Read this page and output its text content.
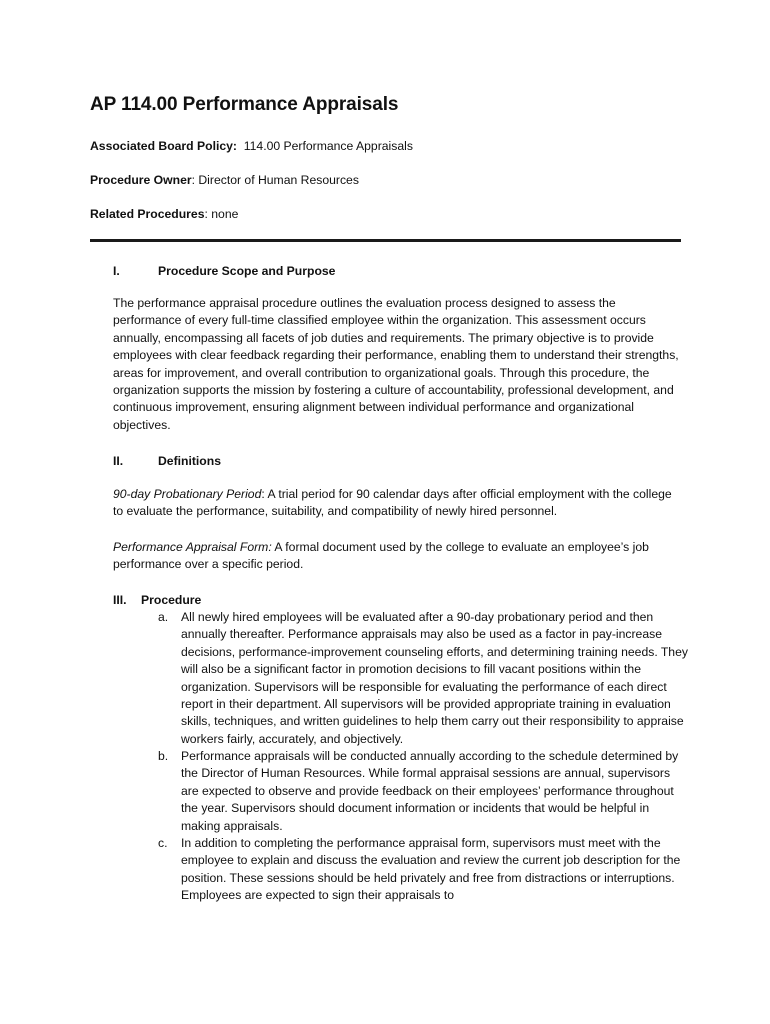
AP 114.00 Performance Appraisals
Associated Board Policy: 114.00 Performance Appraisals
Procedure Owner: Director of Human Resources
Related Procedures: none
I.	Procedure Scope and Purpose

The performance appraisal procedure outlines the evaluation process designed to assess the performance of every full-time classified employee within the organization. This assessment occurs annually, encompassing all facets of job duties and requirements. The primary objective is to provide employees with clear feedback regarding their performance, enabling them to understand their strengths, areas for improvement, and overall contribution to organizational goals. Through this procedure, the organization supports the mission by fostering a culture of accountability, professional development, and continuous improvement, ensuring alignment between individual performance and organizational objectives.

II.	Definitions

90-day Probationary Period: A trial period for 90 calendar days after official employment with the college to evaluate the performance, suitability, and compatibility of newly hired personnel.

Performance Appraisal Form: A formal document used by the college to evaluate an employee’s job performance over a specific period.

III. Procedure
a. All newly hired employees will be evaluated after a 90-day probationary period and then annually thereafter. Performance appraisals may also be used as a factor in pay-increase decisions, performance-improvement counseling efforts, and determining training needs. They will also be a significant factor in promotion decisions to fill vacant positions within the organization. Supervisors will be responsible for evaluating the performance of each direct report in their department. All supervisors will be provided appropriate training in evaluation skills, techniques, and written guidelines to help them carry out their responsibility to appraise workers fairly, accurately, and objectively.
b. Performance appraisals will be conducted annually according to the schedule determined by the Director of Human Resources. While formal appraisal sessions are annual, supervisors are expected to observe and provide feedback on their employees’ performance throughout the year. Supervisors should document information or incidents that would be helpful in making appraisals.
c. In addition to completing the performance appraisal form, supervisors must meet with the employee to explain and discuss the evaluation and review the current job description for the position. These sessions should be held privately and free from distractions or interruptions. Employees are expected to sign their appraisals to
